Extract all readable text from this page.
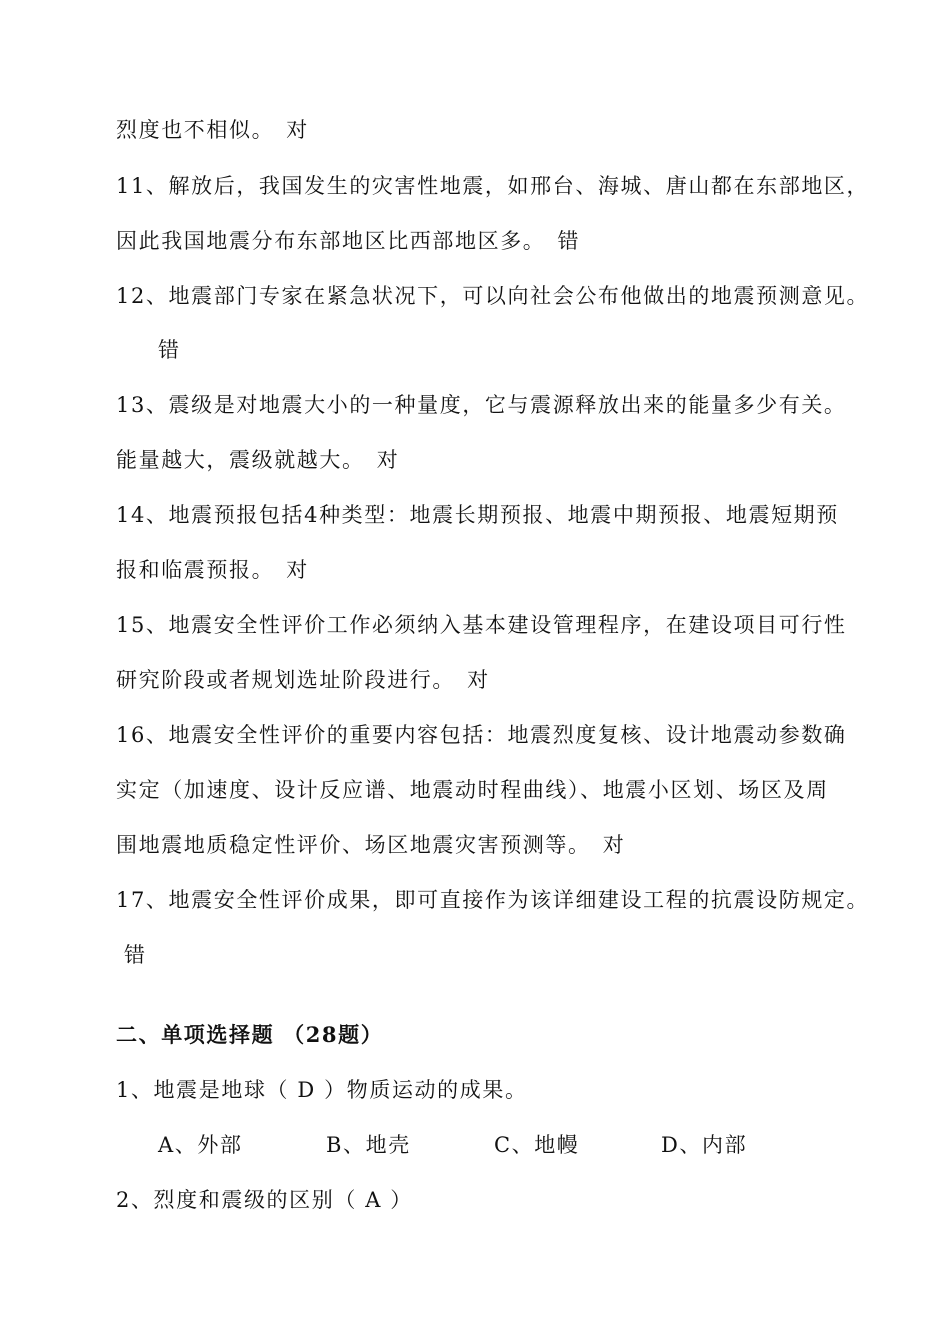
烈度也不相似。　对
11、解放后，我国发生的灾害性地震，如邢台、海城、唐山都在东部地区，
因此我国地震分布东部地区比西部地区多。　错
12、地震部门专家在紧急状况下，可以向社会公布他做出的地震预测意见。
错
13、震级是对地震大小的一种量度，它与震源释放出来的能量多少有关。
能量越大，震级就越大。　对
14、地震预报包括4种类型：地震长期预报、地震中期预报、地震短期预
报和临震预报。　对
15、地震安全性评价工作必须纳入基本建设管理程序，在建设项目可行性
研究阶段或者规划选址阶段进行。　对
16、地震安全性评价的重要内容包括：地震烈度复核、设计地震动参数确
实定（加速度、设计反应谱、地震动时程曲线）、地震小区划、场区及周
围地震地质稳定性评价、场区地震灾害预测等。　对
17、地震安全性评价成果，即可直接作为该详细建设工程的抗震设防规定。
错
二、单项选择题 （28题）
1、地震是地球（ D ）物质运动的成果。
A、外部	B、地壳	C、地幔	D、内部
2、烈度和震级的区别（ A ）
